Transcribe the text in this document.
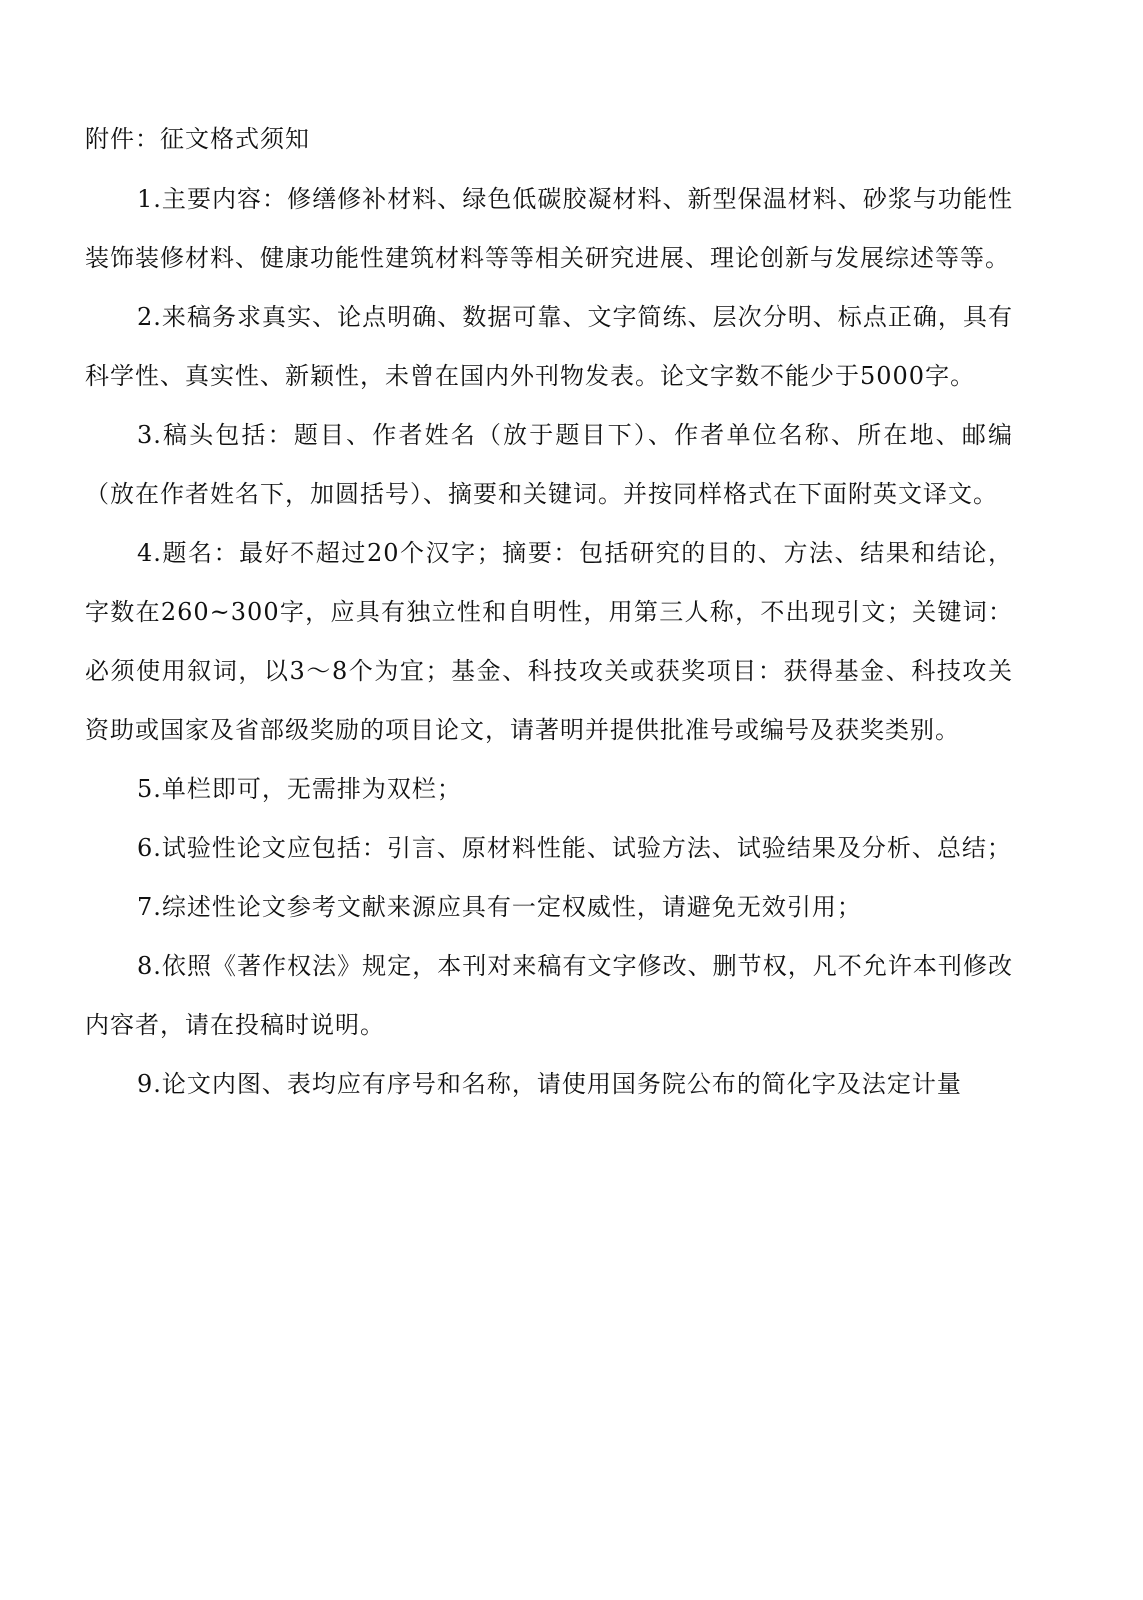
附件：征文格式须知

1.主要内容：修缮修补材料、绿色低碳胶凝材料、新型保温材料、砂浆与功能性装饰装修材料、健康功能性建筑材料等等相关研究进展、理论创新与发展综述等等。

2.来稿务求真实、论点明确、数据可靠、文字简练、层次分明、标点正确，具有科学性、真实性、新颖性，未曾在国内外刊物发表。论文字数不能少于5000字。

3.稿头包括：题目、作者姓名（放于题目下）、作者单位名称、所在地、邮编（放在作者姓名下，加圆括号）、摘要和关键词。并按同样格式在下面附英文译文。

4.题名：最好不超过20个汉字；摘要：包括研究的目的、方法、结果和结论，字数在260~300字，应具有独立性和自明性，用第三人称，不出现引文；关键词：必须使用叙词，以3～8个为宜；基金、科技攻关或获奖项目：获得基金、科技攻关资助或国家及省部级奖励的项目论文，请著明并提供批准号或编号及获奖类别。

5.单栏即可，无需排为双栏；

6.试验性论文应包括：引言、原材料性能、试验方法、试验结果及分析、总结；

7.综述性论文参考文献来源应具有一定权威性，请避免无效引用；

8.依照《著作权法》规定，本刊对来稿有文字修改、删节权，凡不允许本刊修改内容者，请在投稿时说明。

9.论文内图、表均应有序号和名称，请使用国务院公布的简化字及法定计量
